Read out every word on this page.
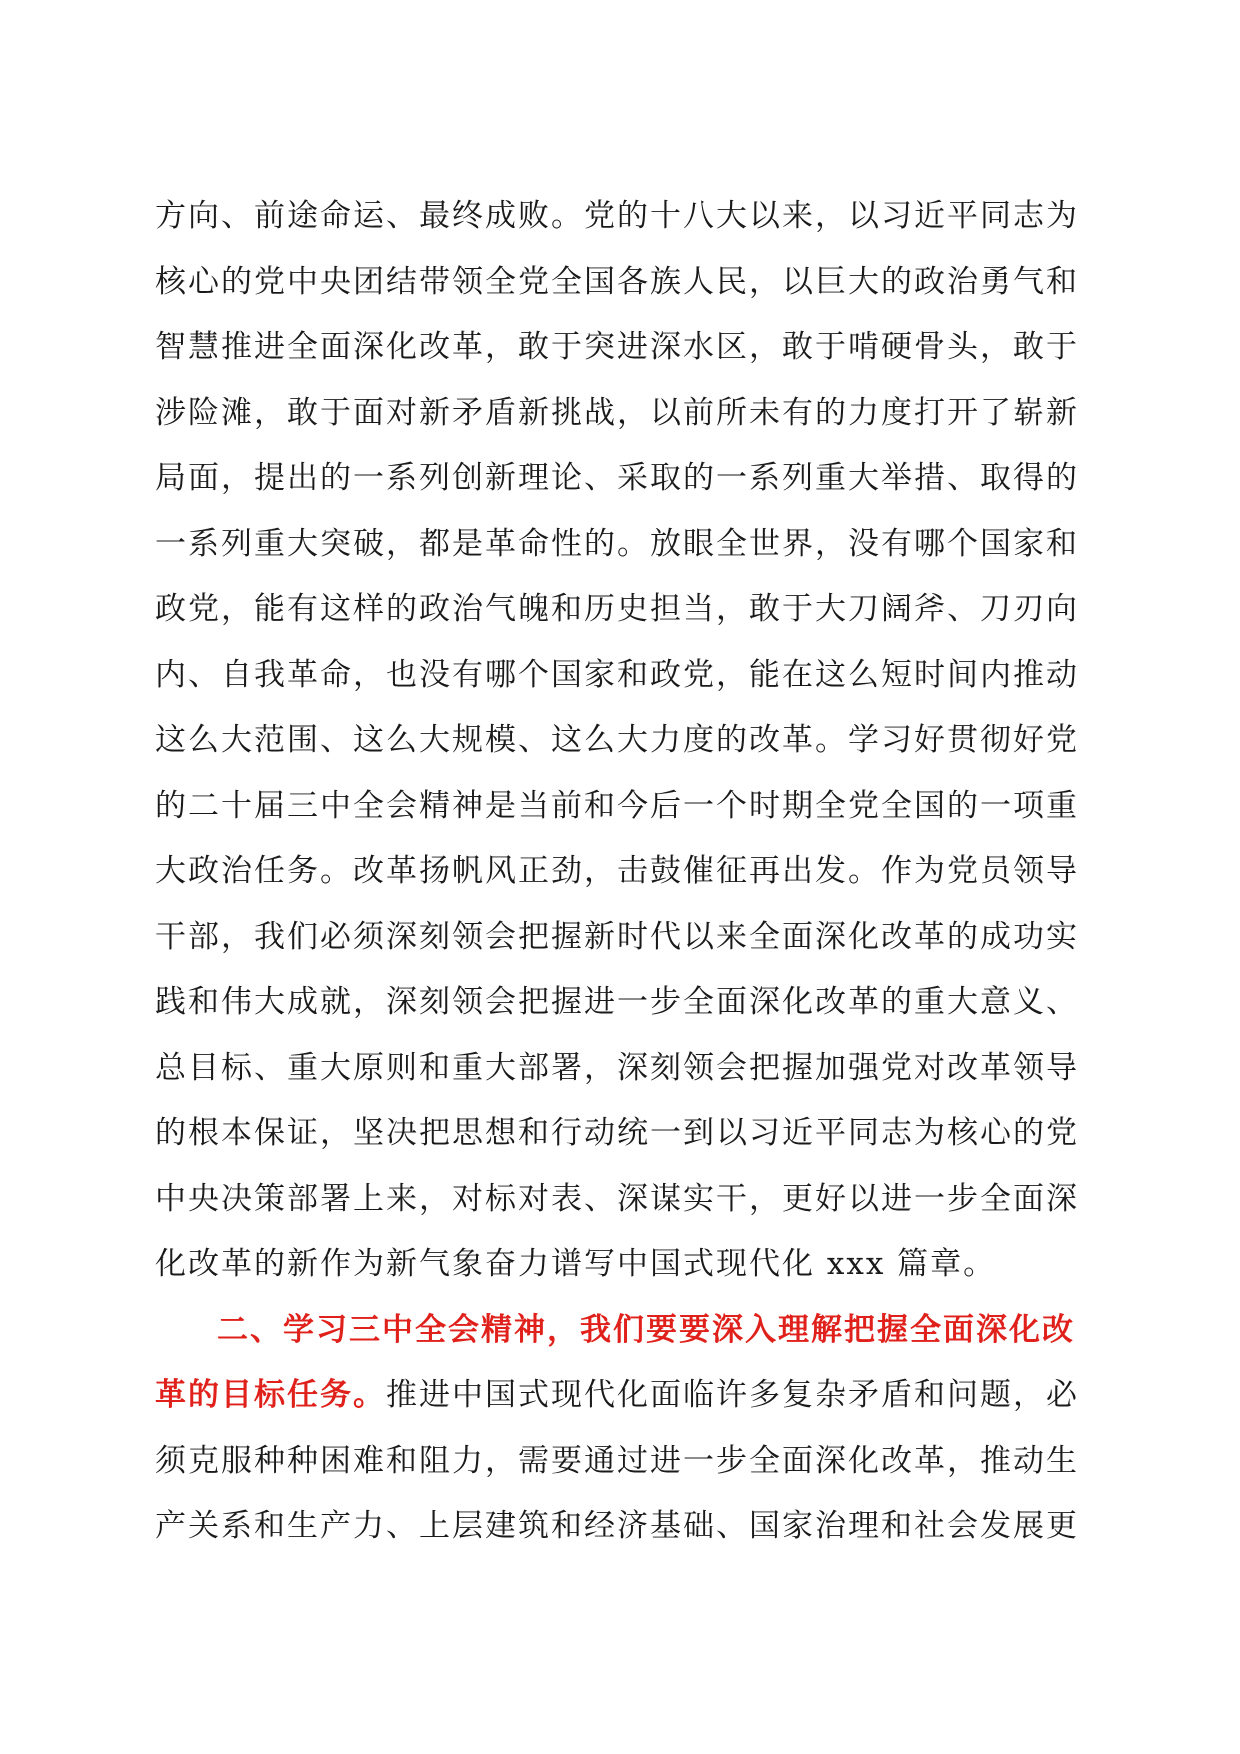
方向、前途命运、最终成败。党的十八大以来，以习近平同志为
核心的党中央团结带领全党全国各族人民，以巨大的政治勇气和
智慧推进全面深化改革，敢于突进深水区，敢于啃硬骨头，敢于
涉险滩，敢于面对新矛盾新挑战，以前所未有的力度打开了崭新
局面，提出的一系列创新理论、采取的一系列重大举措、取得的
一系列重大突破，都是革命性的。放眼全世界，没有哪个国家和
政党，能有这样的政治气魄和历史担当，敢于大刀阔斧、刀刃向
内、自我革命，也没有哪个国家和政党，能在这么短时间内推动
这么大范围、这么大规模、这么大力度的改革。学习好贯彻好党
的二十届三中全会精神是当前和今后一个时期全党全国的一项重
大政治任务。改革扬帆风正劲，击鼓催征再出发。作为党员领导
干部，我们必须深刻领会把握新时代以来全面深化改革的成功实
践和伟大成就，深刻领会把握进一步全面深化改革的重大意义、
总目标、重大原则和重大部署，深刻领会把握加强党对改革领导
的根本保证，坚决把思想和行动统一到以习近平同志为核心的党
中央决策部署上来，对标对表、深谋实干，更好以进一步全面深
化改革的新作为新气象奋力谱写中国式现代化 xxx 篇章。
二、学习三中全会精神，我们要要深入理解把握全面深化改
革的目标任务。推进中国式现代化面临许多复杂矛盾和问题，必
须克服种种困难和阻力，需要通过进一步全面深化改革，推动生
产关系和生产力、上层建筑和经济基础、国家治理和社会发展更
